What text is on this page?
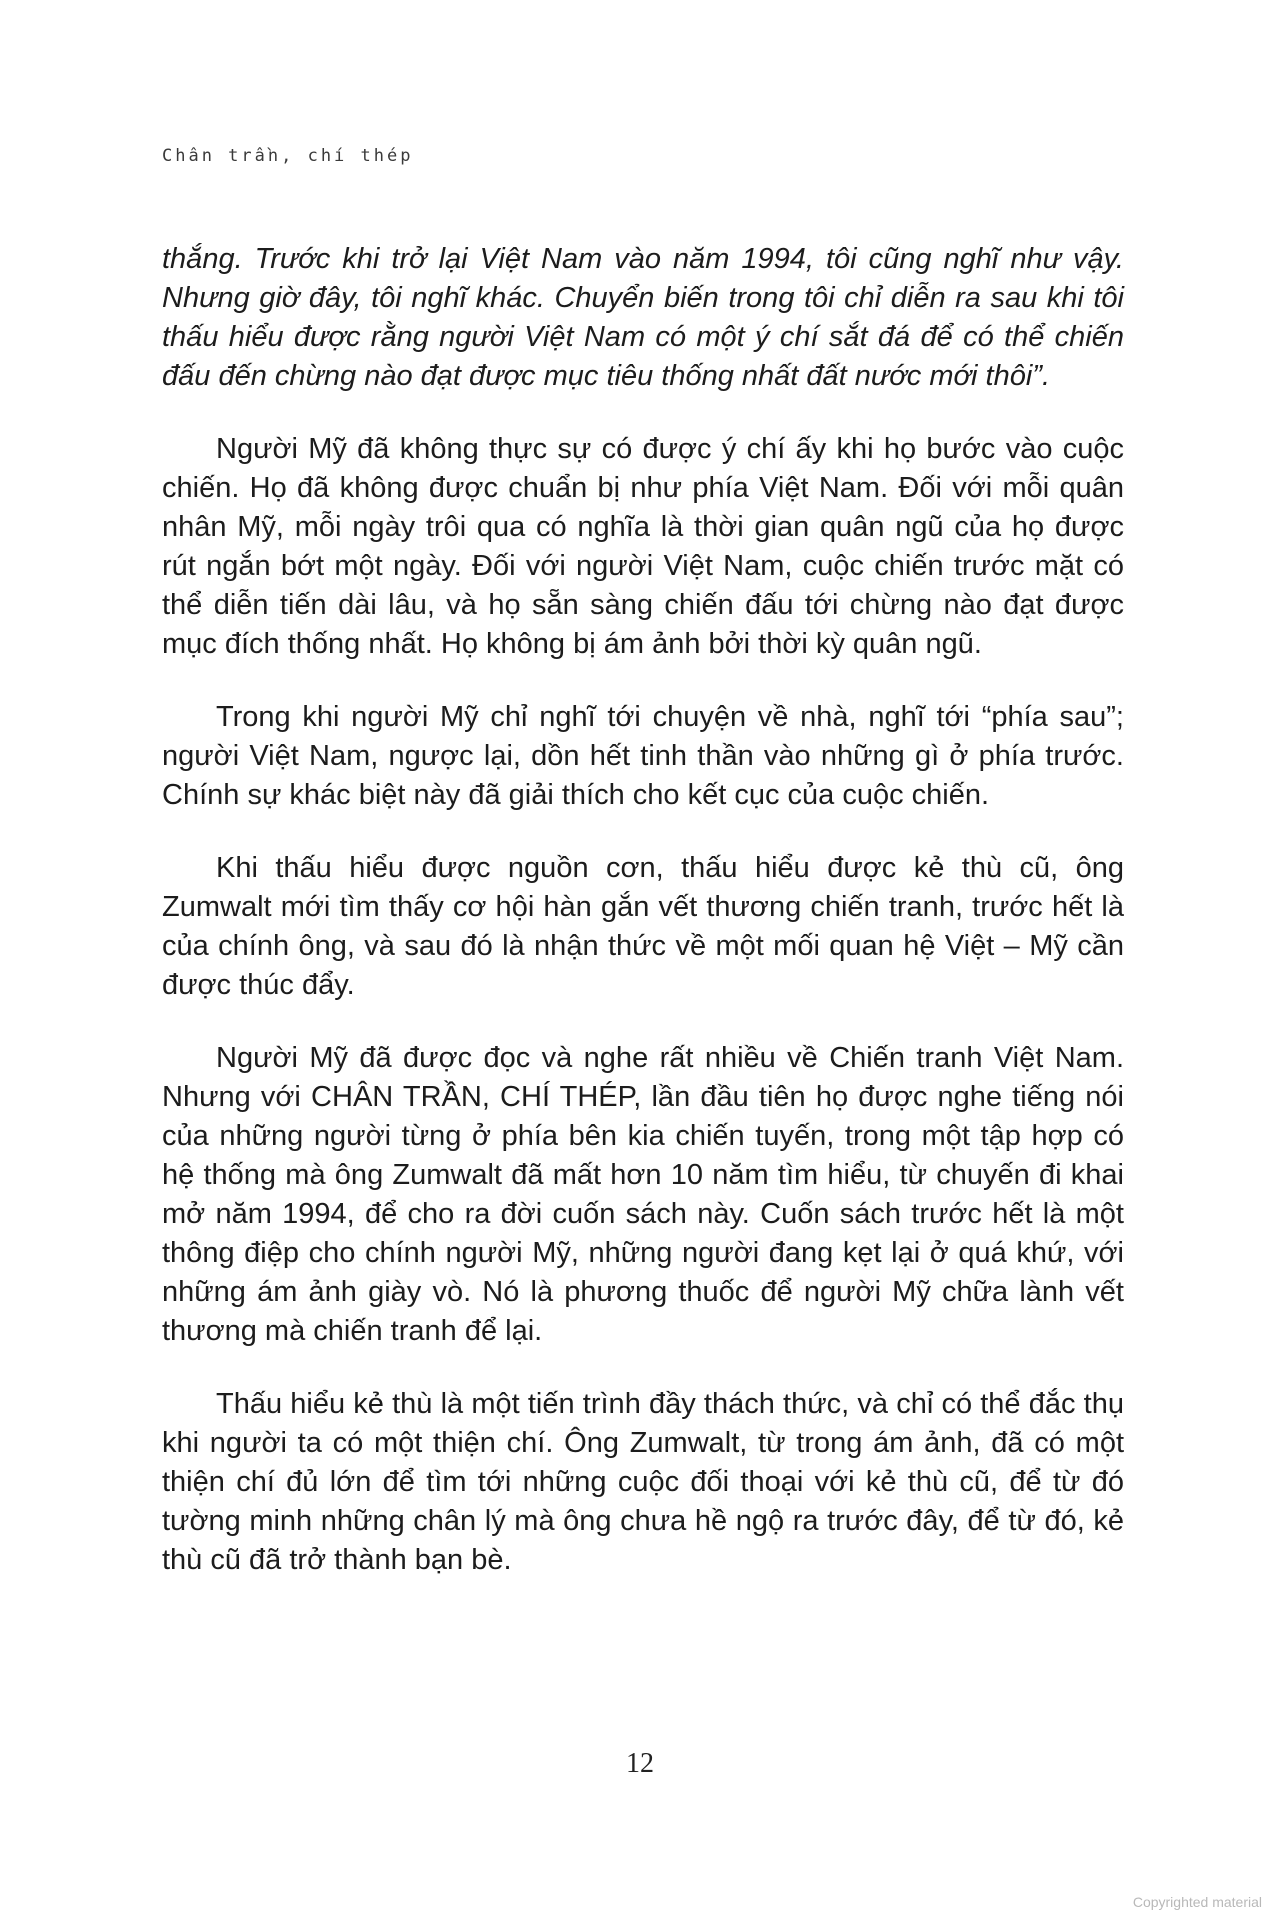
Chân trần, chí thép

thắng. Trước khi trở lại Việt Nam vào năm 1994, tôi cũng nghĩ như vậy. Nhưng giờ đây, tôi nghĩ khác. Chuyển biến trong tôi chỉ diễn ra sau khi tôi thấu hiểu được rằng người Việt Nam có một ý chí sắt đá để có thể chiến đấu đến chừng nào đạt được mục tiêu thống nhất đất nước mới thôi”.

Người Mỹ đã không thực sự có được ý chí ấy khi họ bước vào cuộc chiến. Họ đã không được chuẩn bị như phía Việt Nam. Đối với mỗi quân nhân Mỹ, mỗi ngày trôi qua có nghĩa là thời gian quân ngũ của họ được rút ngắn bớt một ngày. Đối với người Việt Nam, cuộc chiến trước mặt có thể diễn tiến dài lâu, và họ sẵn sàng chiến đấu tới chừng nào đạt được mục đích thống nhất. Họ không bị ám ảnh bởi thời kỳ quân ngũ.

Trong khi người Mỹ chỉ nghĩ tới chuyện về nhà, nghĩ tới “phía sau”; người Việt Nam, ngược lại, dồn hết tinh thần vào những gì ở phía trước. Chính sự khác biệt này đã giải thích cho kết cục của cuộc chiến.

Khi thấu hiểu được nguồn cơn, thấu hiểu được kẻ thù cũ, ông Zumwalt mới tìm thấy cơ hội hàn gắn vết thương chiến tranh, trước hết là của chính ông, và sau đó là nhận thức về một mối quan hệ Việt – Mỹ cần được thúc đẩy.

Người Mỹ đã được đọc và nghe rất nhiều về Chiến tranh Việt Nam. Nhưng với CHÂN TRẦN, CHÍ THÉP, lần đầu tiên họ được nghe tiếng nói của những người từng ở phía bên kia chiến tuyến, trong một tập hợp có hệ thống mà ông Zumwalt đã mất hơn 10 năm tìm hiểu, từ chuyến đi khai mở năm 1994, để cho ra đời cuốn sách này. Cuốn sách trước hết là một thông điệp cho chính người Mỹ, những người đang kẹt lại ở quá khứ, với những ám ảnh giày vò. Nó là phương thuốc để người Mỹ chữa lành vết thương mà chiến tranh để lại.

Thấu hiểu kẻ thù là một tiến trình đầy thách thức, và chỉ có thể đắc thụ khi người ta có một thiện chí. Ông Zumwalt, từ trong ám ảnh, đã có một thiện chí đủ lớn để tìm tới những cuộc đối thoại với kẻ thù cũ, để từ đó tường minh những chân lý mà ông chưa hề ngộ ra trước đây, để từ đó, kẻ thù cũ đã trở thành bạn bè.

12
Copyrighted material
